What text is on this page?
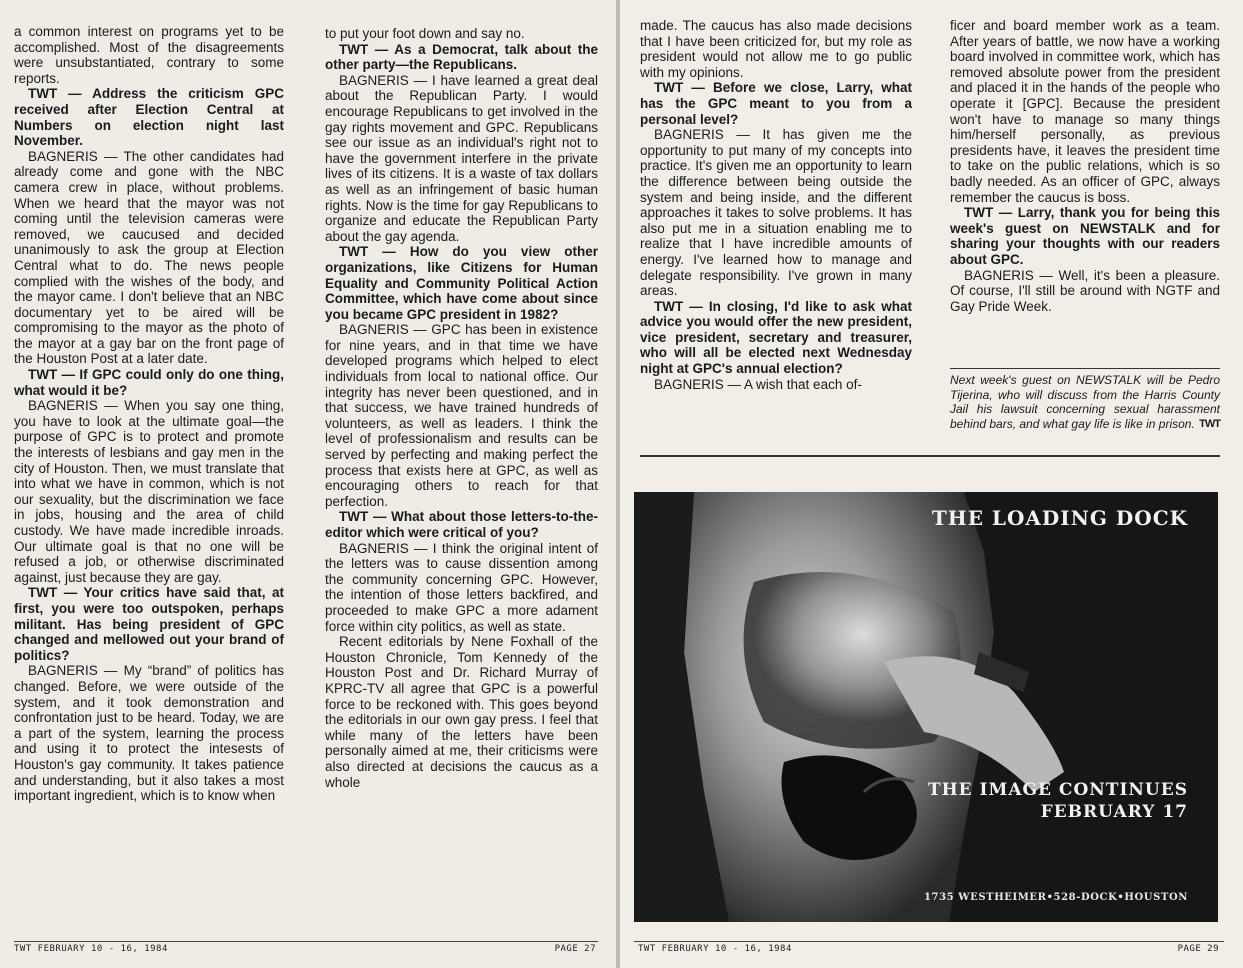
a common interest on programs yet to be accomplished. Most of the disagreements were unsubstantiated, contrary to some reports.

TWT — Address the criticism GPC received after Election Central at Numbers on election night last November.

BAGNERIS — The other candidates had already come and gone with the NBC camera crew in place, without problems. When we heard that the mayor was not coming until the television cameras were removed, we caucused and decided unanimously to ask the group at Election Central what to do. The news people complied with the wishes of the body, and the mayor came. I don't believe that an NBC documentary yet to be aired will be compromising to the mayor as the photo of the mayor at a gay bar on the front page of the Houston Post at a later date.

TWT — If GPC could only do one thing, what would it be?

BAGNERIS — When you say one thing, you have to look at the ultimate goal—the purpose of GPC is to protect and promote the interests of lesbians and gay men in the city of Houston. Then, we must translate that into what we have in common, which is not our sexuality, but the discrimination we face in jobs, housing and the area of child custody. We have made incredible inroads. Our ultimate goal is that no one will be refused a job, or otherwise discriminated against, just because they are gay.

TWT — Your critics have said that, at first, you were too outspoken, perhaps militant. Has being president of GPC changed and mellowed out your brand of politics?

BAGNERIS — My “brand” of politics has changed. Before, we were outside of the system, and it took demonstration and confrontation just to be heard. Today, we are a part of the system, learning the process and using it to protect the intesests of Houston's gay community. It takes patience and understanding, but it also takes a most important ingredient, which is to know when

to put your foot down and say no.

TWT — As a Democrat, talk about the other party—the Republicans.

BAGNERIS — I have learned a great deal about the Republican Party. I would encourage Republicans to get involved in the gay rights movement and GPC. Republicans see our issue as an individual's right not to have the government interfere in the private lives of its citizens. It is a waste of tax dollars as well as an infringement of basic human rights. Now is the time for gay Republicans to organize and educate the Republican Party about the gay agenda.

TWT — How do you view other organizations, like Citizens for Human Equality and Community Political Action Committee, which have come about since you became GPC president in 1982?

BAGNERIS — GPC has been in existence for nine years, and in that time we have developed programs which helped to elect individuals from local to national office. Our integrity has never been questioned, and in that success, we have trained hundreds of volunteers, as well as leaders. I think the level of professionalism and results can be served by perfecting and making perfect the process that exists here at GPC, as well as encouraging others to reach for that perfection.

TWT — What about those letters-to-the-editor which were critical of you?

BAGNERIS — I think the original intent of the letters was to cause dissention among the community concerning GPC. However, the intention of those letters backfired, and proceeded to make GPC a more adament force within city politics, as well as state.

Recent editorials by Nene Foxhall of the Houston Chronicle, Tom Kennedy of the Houston Post and Dr. Richard Murray of KPRC-TV all agree that GPC is a powerful force to be reckoned with. This goes beyond the editorials in our own gay press. I feel that while many of the letters have been personally aimed at me, their criticisms were also directed at decisions the caucus as a whole

TWT FEBRUARY 10 - 16, 1984	PAGE 27

made. The caucus has also made decisions that I have been criticized for, but my role as president would not allow me to go public with my opinions.

TWT — Before we close, Larry, what has the GPC meant to you from a personal level?

BAGNERIS — It has given me the opportunity to put many of my concepts into practice. It's given me an opportunity to learn the difference between being outside the system and being inside, and the different approaches it takes to solve problems. It has also put me in a situation enabling me to realize that I have incredible amounts of energy. I've learned how to manage and delegate responsibility. I've grown in many areas.

TWT — In closing, I'd like to ask what advice you would offer the new president, vice president, secretary and treasurer, who will all be elected next Wednesday night at GPC's annual election?

BAGNERIS — A wish that each of-

ficer and board member work as a team. After years of battle, we now have a working board involved in committee work, which has removed absolute power from the president and placed it in the hands of the people who operate it [GPC]. Because the president won't have to manage so many things him/herself personally, as previous presidents have, it leaves the president time to take on the public relations, which is so badly needed. As an officer of GPC, always remember the caucus is boss.

TWT — Larry, thank you for being this week's guest on NEWSTALK and for sharing your thoughts with our readers about GPC.

BAGNERIS — Well, it's been a pleasure. Of course, I'll still be around with NGTF and Gay Pride Week.

Next week's guest on NEWSTALK will be Pedro Tijerina, who will discuss from the Harris County Jail his lawsuit concerning sexual harassment behind bars, and what gay life is like in prison. TWT
THE LOADING DOCK
THE IMAGE CONTINUES
FEBRUARY 17
1735 WESTHEIMER•528-DOCK•HOUSTON
TWT FEBRUARY 10 - 16, 1984	PAGE 29
